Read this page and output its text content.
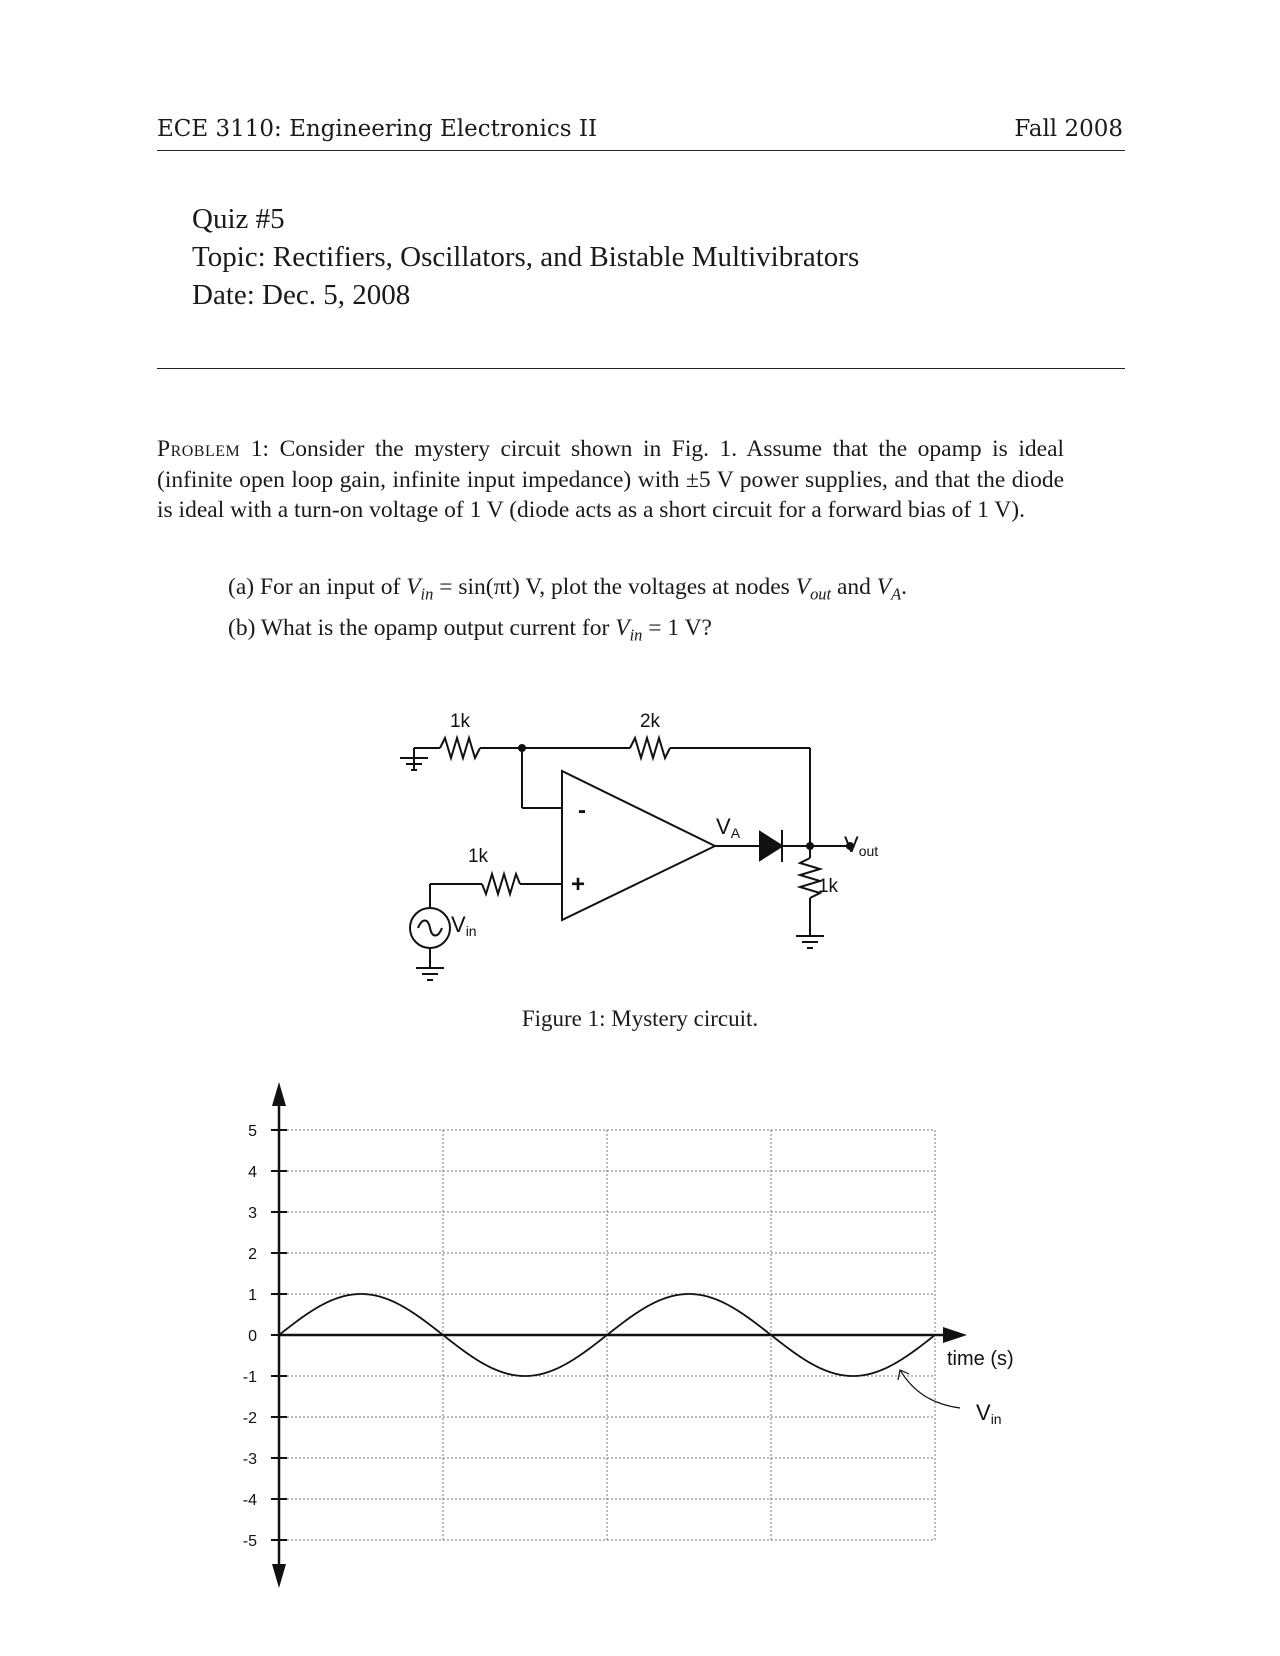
ECE 3110: Engineering Electronics II	Fall 2008
Quiz #5
Topic: Rectifiers, Oscillators, and Bistable Multivibrators
Date: Dec. 5, 2008
Problem 1: Consider the mystery circuit shown in Fig. 1. Assume that the opamp is ideal (infinite open loop gain, infinite input impedance) with ±5 V power supplies, and that the diode is ideal with a turn-on voltage of 1 V (diode acts as a short circuit for a forward bias of 1 V).
(a) For an input of $V_{in} = \sin(\pi t)$ V, plot the voltages at nodes $V_{out}$ and $V_A$.
(b) What is the opamp output current for $V_{in} = 1$ V?
1k	2k
1k
1k
-
+
VA	Vout
Vin
Figure 1: Mystery circuit.
5
4
3
2
1
0
-1
-2
-3
-4
-5
Vin
time (s)
